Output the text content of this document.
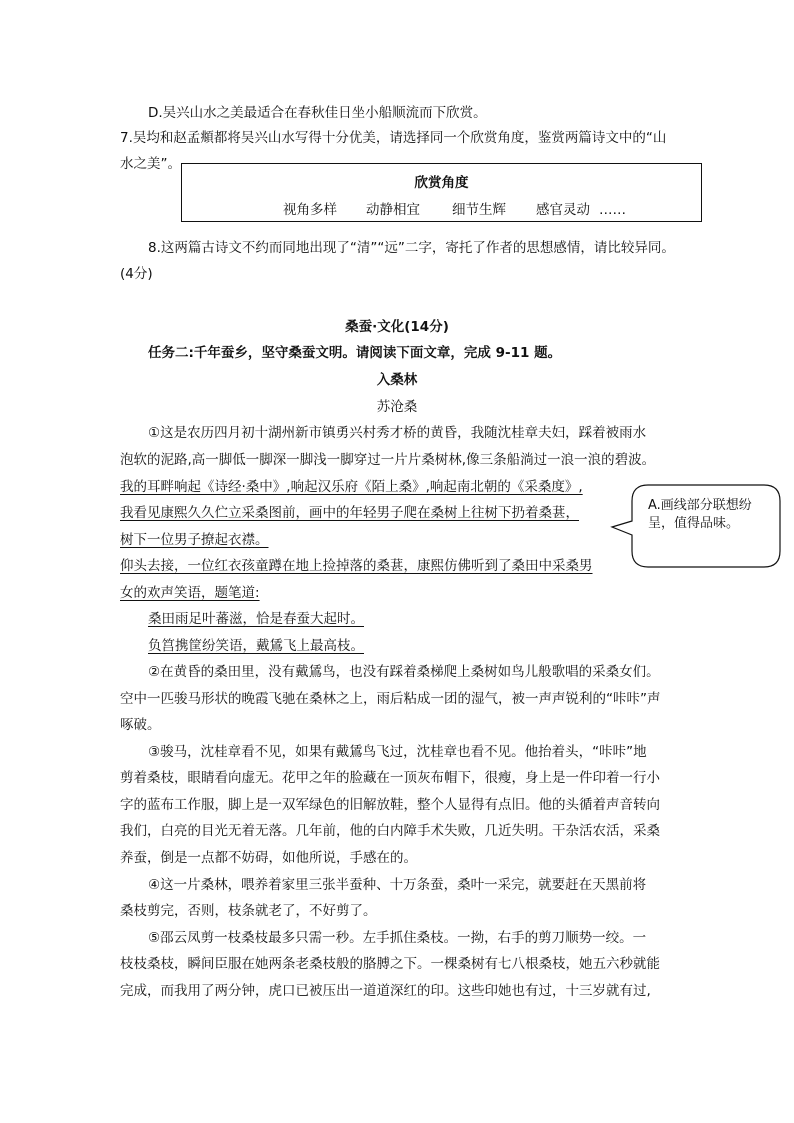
D.吴兴山水之美最适合在春秋佳日坐小船顺流而下欣赏。
7.吴均和赵孟頫都将吴兴山水写得十分优美，请选择同一个欣赏角度，鉴赏两篇诗文中的“山
水之美”。
欣赏角度
视角多样 动静相宜 细节生辉 感官灵动 ……
8.这两篇古诗文不约而同地出现了“清”“远”二字，寄托了作者的思想感情，请比较异同。
(4分)
桑蚕·文化(14分)
任务二:千年蚕乡，坚守桑蚕文明。请阅读下面文章，完成 9-11 题。
入桑林
苏沧桑
①这是农历四月初十湖州新市镇勇兴村秀才桥的黄昏，我随沈桂章夫妇，踩着被雨水
泡软的泥路,高一脚低一脚深一脚浅一脚穿过一片片桑树林,像三条船淌过一浪一浪的碧波。
我的耳畔响起《诗经·桑中》,响起汉乐府《陌上桑》,响起南北朝的《采桑度》,
我看见康熙久久伫立采桑图前，画中的年轻男子爬在桑树上往树下扔着桑葚，
树下一位男子撩起衣襟。
仰头去接，一位红衣孩童蹲在地上捡掉落的桑葚，康熙仿佛听到了桑田中采桑男
女的欢声笑语，题笔道:
桑田雨足叶蕃滋，恰是春蚕大起时。
负筥携筐纷笑语，戴鵀飞上最高枝。
②在黄昏的桑田里，没有戴鵀鸟，也没有踩着桑梯爬上桑树如鸟儿般歌唱的采桑女们。
空中一匹骏马形状的晚霞飞驰在桑林之上，雨后粘成一团的湿气，被一声声锐利的“咔咔”声
啄破。
③骏马，沈桂章看不见，如果有戴鵀鸟飞过，沈桂章也看不见。他抬着头，“咔咔”地
剪着桑枝，眼睛看向虚无。花甲之年的脸藏在一顶灰布帽下，很瘦，身上是一件印着一行小
字的蓝布工作服，脚上是一双军绿色的旧解放鞋，整个人显得有点旧。他的头循着声音转向
我们，白亮的目光无着无落。几年前，他的白内障手术失败，几近失明。干杂活农活，采桑
养蚕，倒是一点都不妨碍，如他所说，手感在的。
④这一片桑林，喂养着家里三张半蚕种、十万条蚕，桑叶一采完，就要赶在天黑前将
桑枝剪完，否则，枝条就老了，不好剪了。
⑤邵云凤剪一枝桑枝最多只需一秒。左手抓住桑枝。一拗，右手的剪刀顺势一绞。一
枝枝桑枝，瞬间臣服在她两条老桑枝般的胳膊之下。一棵桑树有七八根桑枝，她五六秒就能
完成，而我用了两分钟，虎口已被压出一道道深红的印。这些印她也有过，十三岁就有过,
A.画线部分联想纷呈，值得品味。
